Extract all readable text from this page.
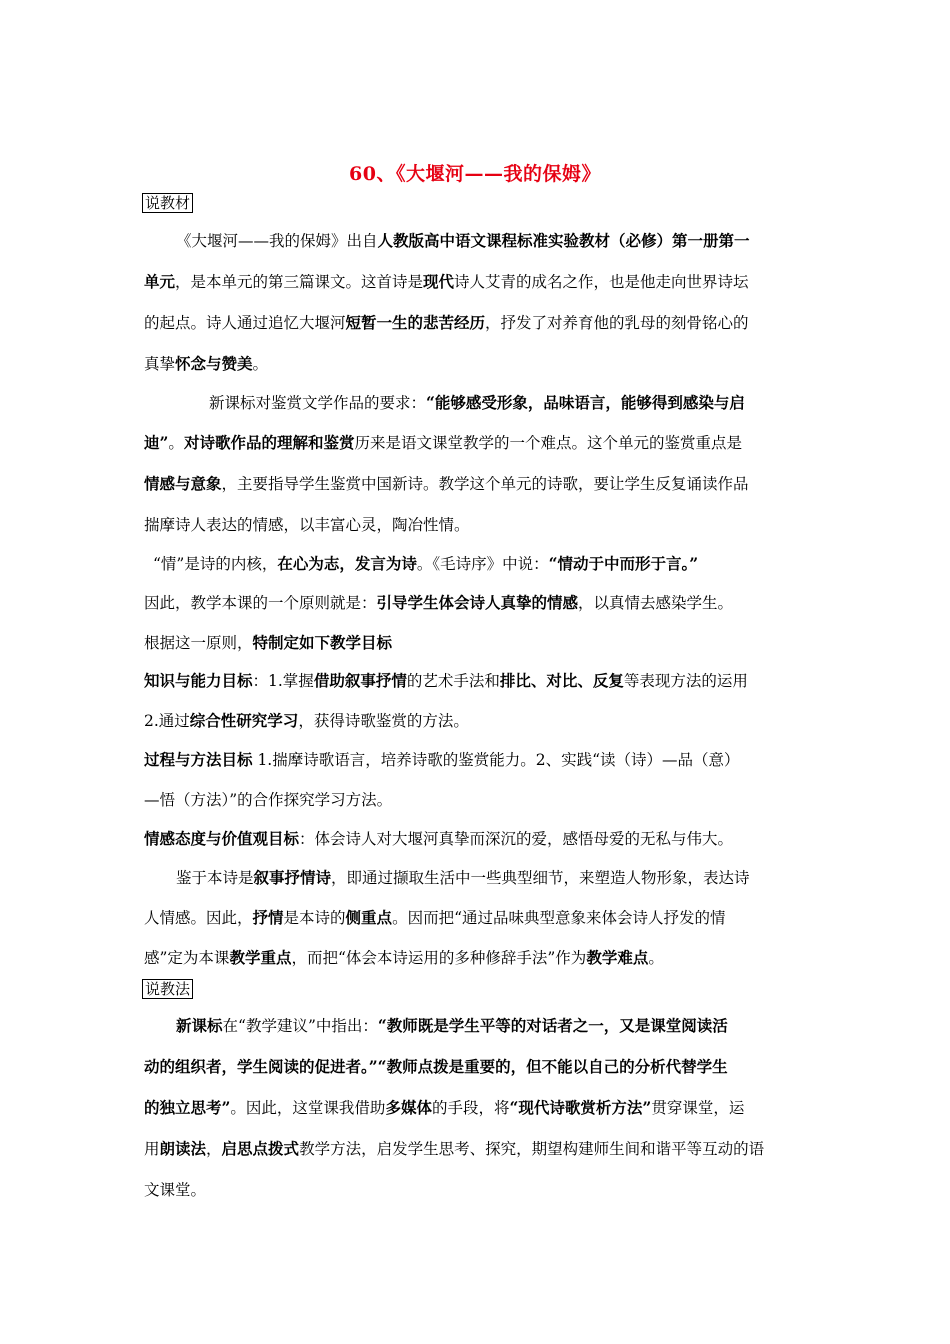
60、《大堰河——我的保姆》
说教材
《大堰河——我的保姆》出自人教版高中语文课程标准实验教材（必修）第一册第一
单元，是本单元的第三篇课文。这首诗是现代诗人艾青的成名之作，也是他走向世界诗坛
的起点。诗人通过追忆大堰河短暂一生的悲苦经历，抒发了对养育他的乳母的刻骨铭心的
真挚怀念与赞美。
新课标对鉴赏文学作品的要求：“能够感受形象，品味语言，能够得到感染与启
迪”。对诗歌作品的理解和鉴赏历来是语文课堂教学的一个难点。这个单元的鉴赏重点是
情感与意象，主要指导学生鉴赏中国新诗。教学这个单元的诗歌，要让学生反复诵读作品
揣摩诗人表达的情感，以丰富心灵，陶冶性情。
“情”是诗的内核，在心为志，发言为诗。《毛诗序》中说：“情动于中而形于言。”
因此，教学本课的一个原则就是：引导学生体会诗人真挚的情感，以真情去感染学生。
根据这一原则，特制定如下教学目标
知识与能力目标：1.掌握借助叙事抒情的艺术手法和排比、对比、反复等表现方法的运用
2.通过综合性研究学习，获得诗歌鉴赏的方法。
过程与方法目标 1.揣摩诗歌语言，培养诗歌的鉴赏能力。2、实践“读（诗）—品（意）
—悟（方法）”的合作探究学习方法。
情感态度与价值观目标：体会诗人对大堰河真挚而深沉的爱，感悟母爱的无私与伟大。
鉴于本诗是叙事抒情诗，即通过撷取生活中一些典型细节，来塑造人物形象，表达诗
人情感。因此，抒情是本诗的侧重点。因而把“通过品味典型意象来体会诗人抒发的情
感”定为本课教学重点，而把“体会本诗运用的多种修辞手法”作为教学难点。
说教法
新课标在“教学建议”中指出：“教师既是学生平等的对话者之一，又是课堂阅读活
动的组织者，学生阅读的促进者。”“教师点拨是重要的，但不能以自己的分析代替学生
的独立思考”。因此，这堂课我借助多媒体的手段，将“现代诗歌赏析方法”贯穿课堂，运
用朗读法，启思点拨式教学方法，启发学生思考、探究，期望构建师生间和谐平等互动的语
文课堂。
